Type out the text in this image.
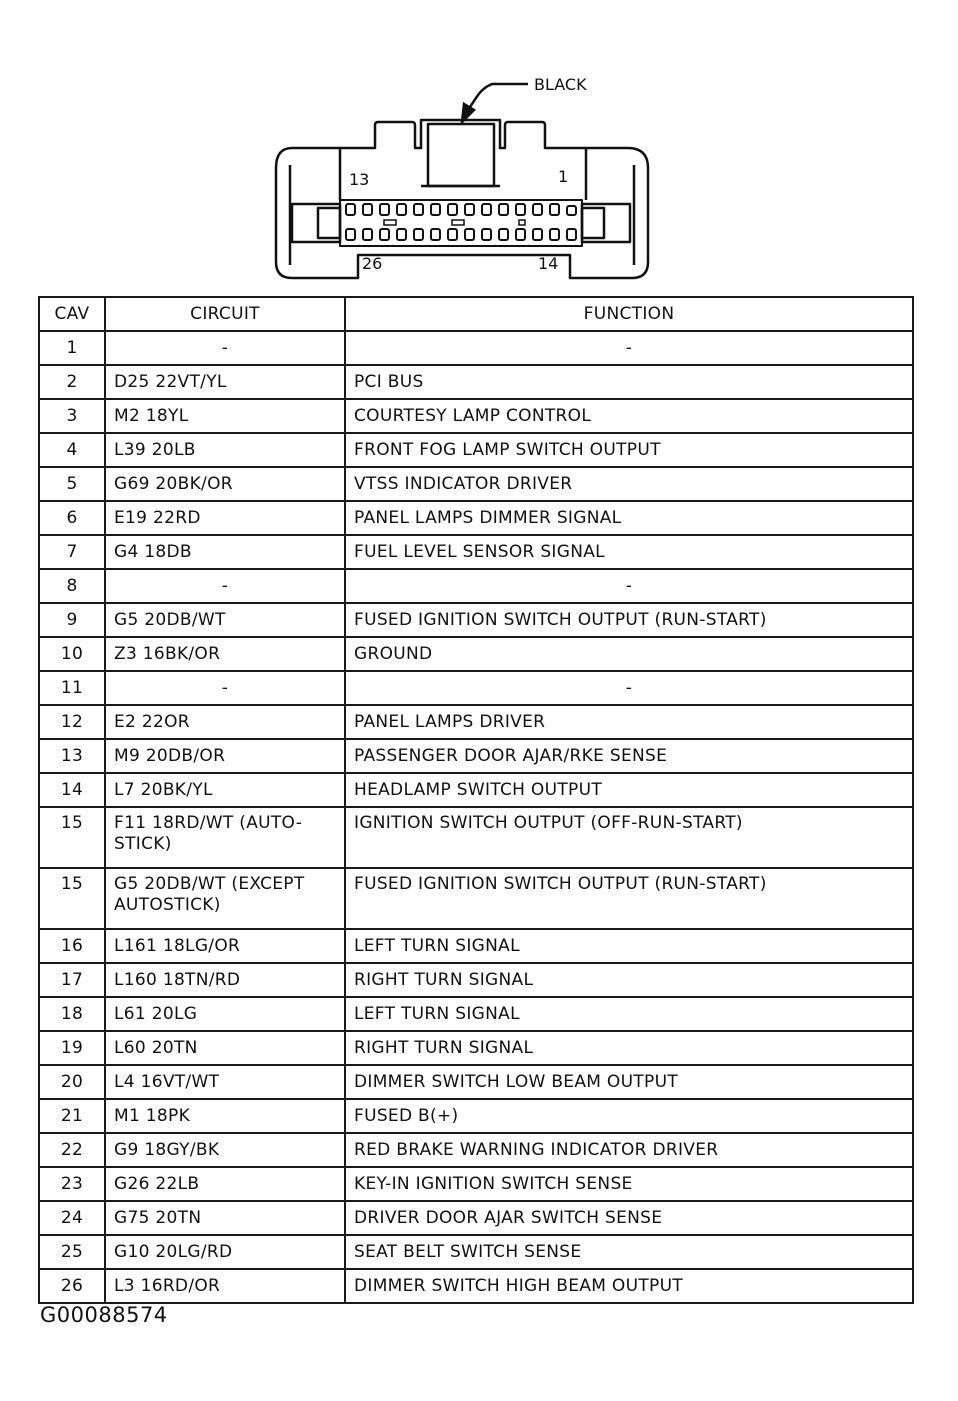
BLACK
13	1
26	14
CAV	CIRCUIT	FUNCTION
1	-	-
2	D25 22VT/YL	PCI BUS
3	M2 18YL	COURTESY LAMP CONTROL
4	L39 20LB	FRONT FOG LAMP SWITCH OUTPUT
5	G69 20BK/OR	VTSS INDICATOR DRIVER
6	E19 22RD	PANEL LAMPS DIMMER SIGNAL
7	G4 18DB	FUEL LEVEL SENSOR SIGNAL
8	-	-
9	G5 20DB/WT	FUSED IGNITION SWITCH OUTPUT (RUN-START)
10	Z3 16BK/OR	GROUND
11	-	-
12	E2 22OR	PANEL LAMPS DRIVER
13	M9 20DB/OR	PASSENGER DOOR AJAR/RKE SENSE
14	L7 20BK/YL	HEADLAMP SWITCH OUTPUT
15	F11 18RD/WT (AUTO-STICK)	IGNITION SWITCH OUTPUT (OFF-RUN-START)
15	G5 20DB/WT (EXCEPT AUTOSTICK)	FUSED IGNITION SWITCH OUTPUT (RUN-START)
16	L161 18LG/OR	LEFT TURN SIGNAL
17	L160 18TN/RD	RIGHT TURN SIGNAL
18	L61 20LG	LEFT TURN SIGNAL
19	L60 20TN	RIGHT TURN SIGNAL
20	L4 16VT/WT	DIMMER SWITCH LOW BEAM OUTPUT
21	M1 18PK	FUSED B(+)
22	G9 18GY/BK	RED BRAKE WARNING INDICATOR DRIVER
23	G26 22LB	KEY-IN IGNITION SWITCH SENSE
24	G75 20TN	DRIVER DOOR AJAR SWITCH SENSE
25	G10 20LG/RD	SEAT BELT SWITCH SENSE
26	L3 16RD/OR	DIMMER SWITCH HIGH BEAM OUTPUT
G00088574
